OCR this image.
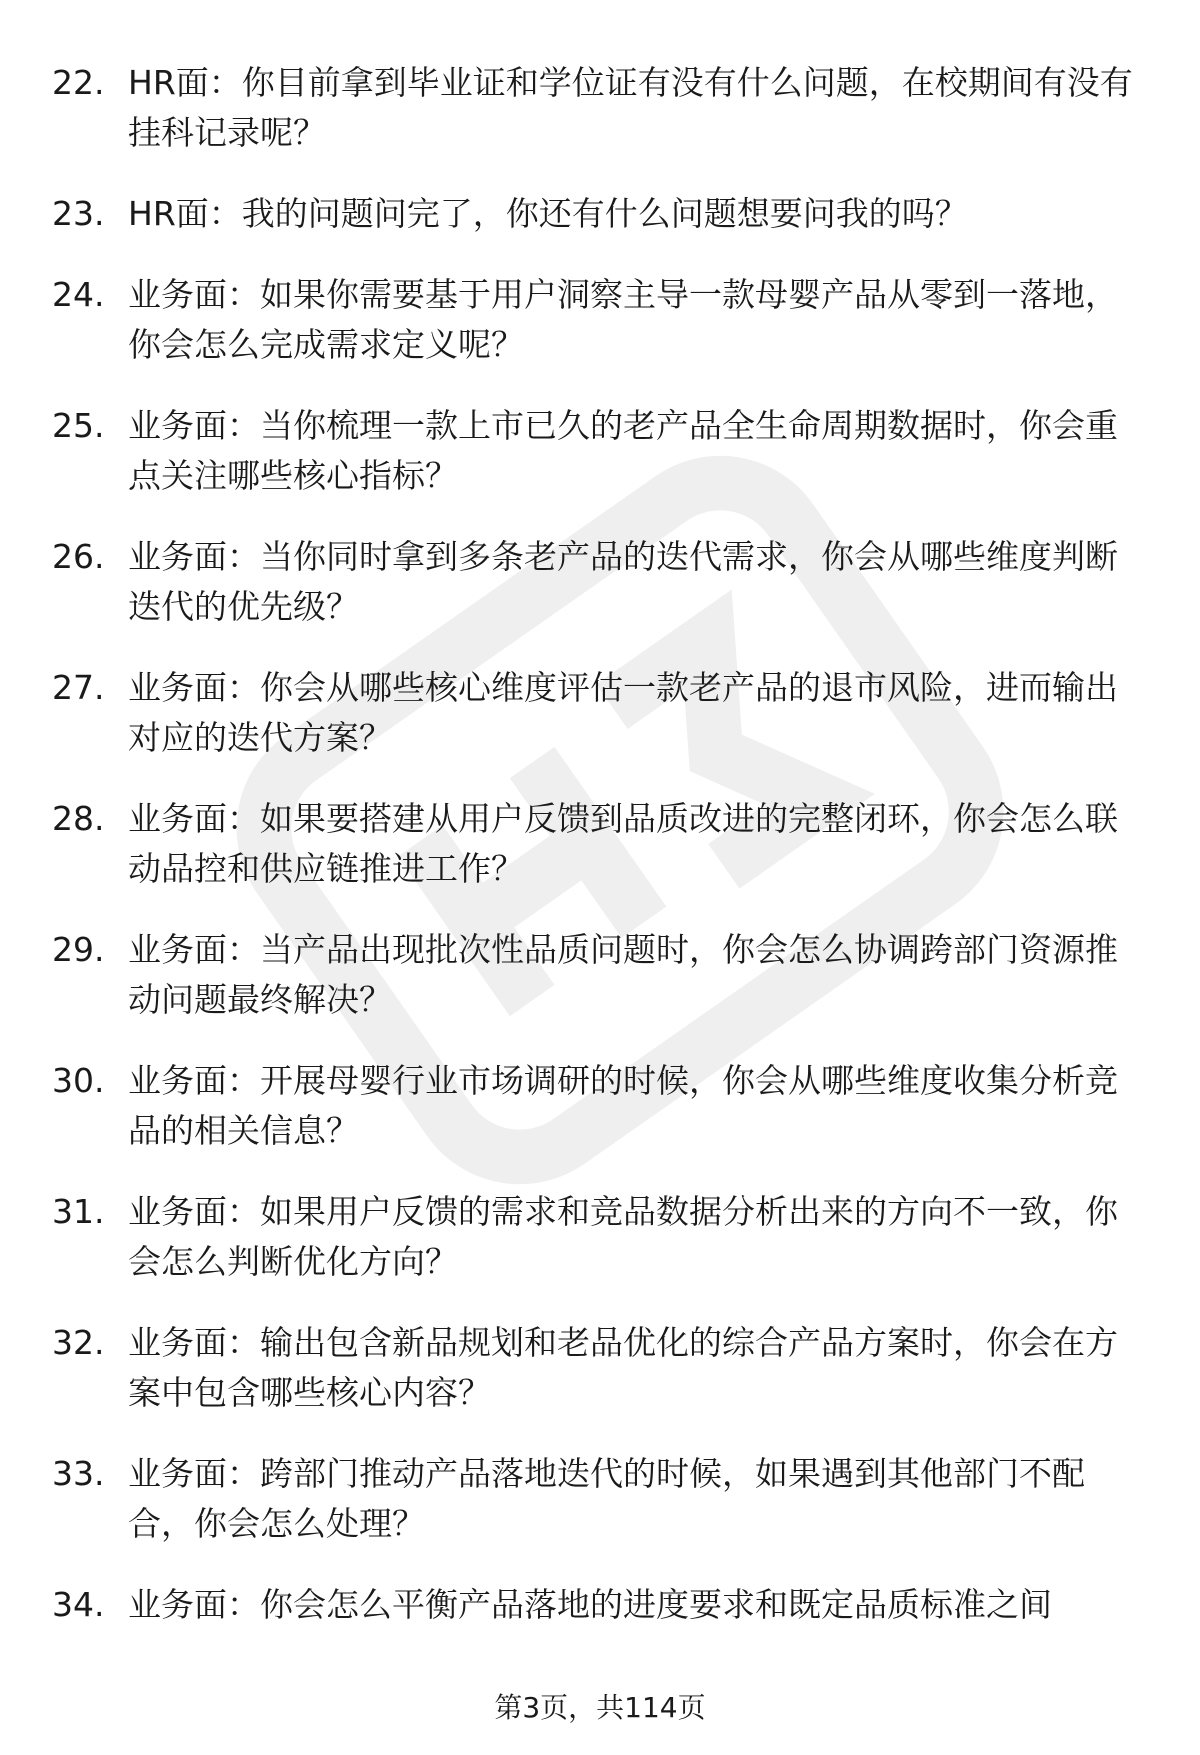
22. HR面：你目前拿到毕业证和学位证有没有什么问题，在校期间有没有挂科记录呢？
23. HR面：我的问题问完了，你还有什么问题想要问我的吗？
24. 业务面：如果你需要基于用户洞察主导一款母婴产品从零到一落地，你会怎么完成需求定义呢？
25. 业务面：当你梳理一款上市已久的老产品全生命周期数据时，你会重点关注哪些核心指标？
26. 业务面：当你同时拿到多条老产品的迭代需求，你会从哪些维度判断迭代的优先级？
27. 业务面：你会从哪些核心维度评估一款老产品的退市风险，进而输出对应的迭代方案？
28. 业务面：如果要搭建从用户反馈到品质改进的完整闭环，你会怎么联动品控和供应链推进工作？
29. 业务面：当产品出现批次性品质问题时，你会怎么协调跨部门资源推动问题最终解决？
30. 业务面：开展母婴行业市场调研的时候，你会从哪些维度收集分析竞品的相关信息？
31. 业务面：如果用户反馈的需求和竞品数据分析出来的方向不一致，你会怎么判断优化方向？
32. 业务面：输出包含新品规划和老品优化的综合产品方案时，你会在方案中包含哪些核心内容？
33. 业务面：跨部门推动产品落地迭代的时候，如果遇到其他部门不配合，你会怎么处理？
34. 业务面：你会怎么平衡产品落地的进度要求和既定品质标准之间
第3页，共114页
